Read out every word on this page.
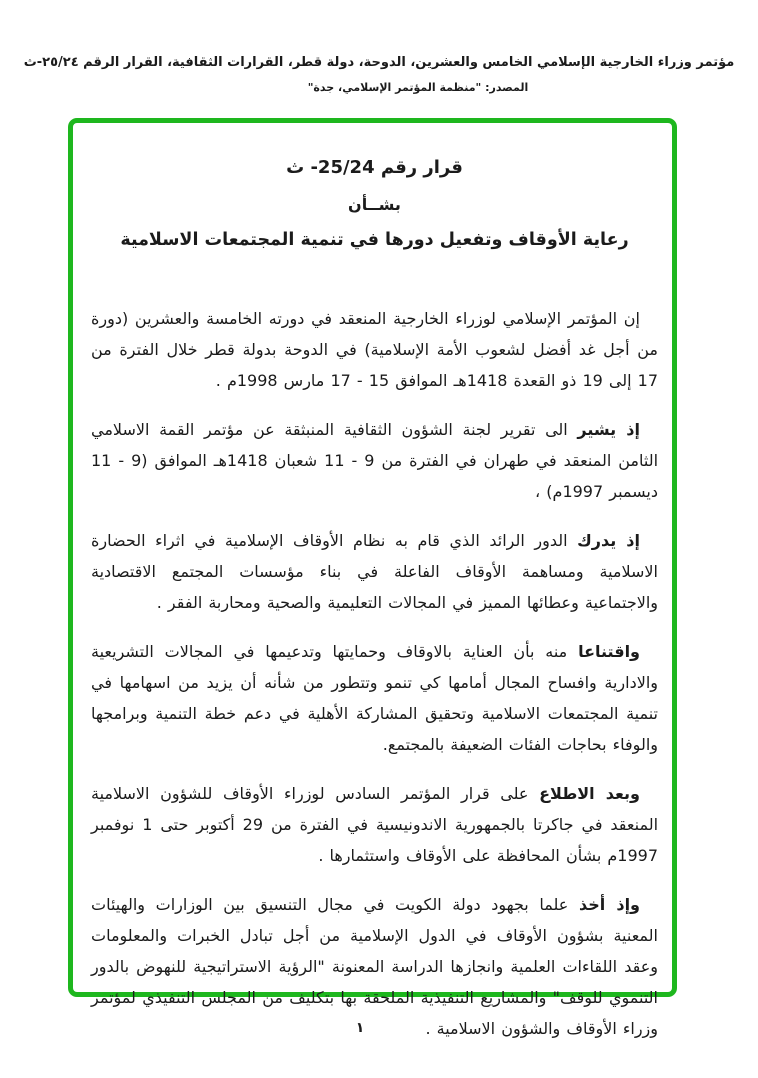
مؤتمر وزراء الخارجية الإسلامي الخامس والعشرين، الدوحة، دولة قطر، القرارات الثقافية، القرار الرقم ٢٥/٢٤-ث
المصدر: "منظمة المؤتمر الإسلامي، جدة"
قرار رقم 25/24- ث
بشــأن
رعاية الأوقاف وتفعيل دورها في تنمية المجتمعات الاسلامية

إن المؤتمر الإسلامي لوزراء الخارجية المنعقد في دورته الخامسة والعشرين (دورة من أجل غد أفضل لشعوب الأمة الإسلامية) في الدوحة بدولة قطر خلال الفترة من 17 إلى 19 ذو القعدة 1418هـ الموافق 15 - 17 مارس 1998م .

إذ يشير الى تقرير لجنة الشؤون الثقافية المنبثقة عن مؤتمر القمة الاسلامي الثامن المنعقد في طهران في الفترة من 9 - 11 شعبان 1418هـ الموافق (9 - 11 ديسمبر 1997م) ،

إذ يدرك الدور الرائد الذي قام به نظام الأوقاف الإسلامية في اثراء الحضارة الاسلامية ومساهمة الأوقاف الفاعلة في بناء مؤسسات المجتمع الاقتصادية والاجتماعية وعطائها المميز في المجالات التعليمية والصحية ومحاربة الفقر .

واقتناعا منه بأن العناية بالاوقاف وحمايتها وتدعيمها في المجالات التشريعية والادارية وافساح المجال أمامها كي تنمو وتتطور من شأنه أن يزيد من اسهامها في تنمية المجتمعات الاسلامية وتحقيق المشاركة الأهلية في دعم خطة التنمية وبرامجها والوفاء بحاجات الفئات الضعيفة بالمجتمع.

وبعد الاطلاع على قرار المؤتمر السادس لوزراء الأوقاف للشؤون الاسلامية المنعقد في جاكرتا بالجمهورية الاندونيسية في الفترة من 29 أكتوبر حتى 1 نوفمبر 1997م بشأن المحافظة على الأوقاف واستثمارها .

وإذ أخذ علما بجهود دولة الكويت في مجال التنسيق بين الوزارات والهيئات المعنية بشؤون الأوقاف في الدول الإسلامية من أجل تبادل الخبرات والمعلومات وعقد اللقاءات العلمية وانجازها الدراسة المعنونة "الرؤية الاستراتيجية للنهوض بالدور التنموي للوقف" والمشاريع التنفيذية الملحقة بها بتكليف من المجلس التنفيذي لمؤتمر وزراء الأوقاف والشؤون الاسلامية .

١
